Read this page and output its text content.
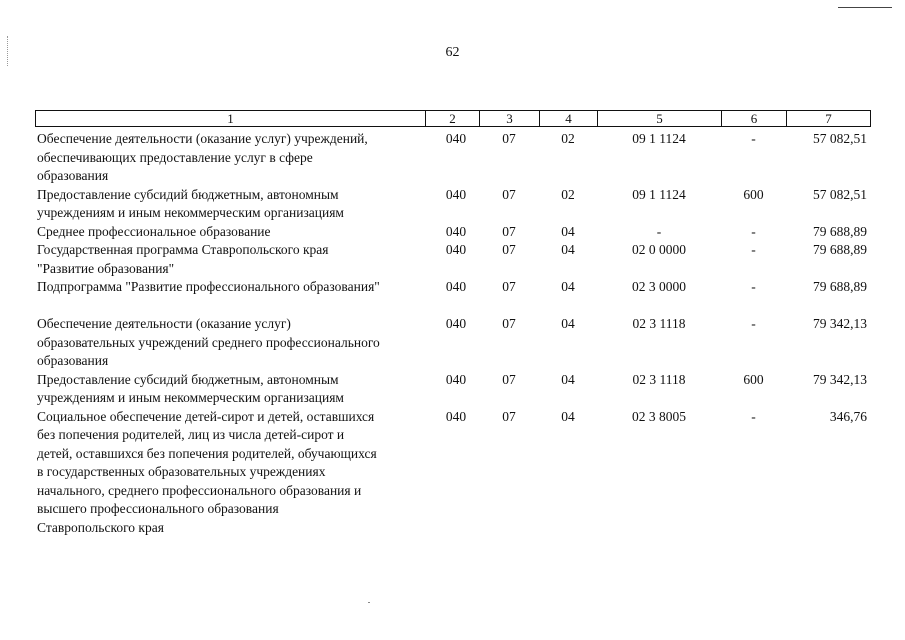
62
1	2	3	4	5	6	7
Обеспечение деятельности (оказание услуг) учреждений,
обеспечивающих предоставление услуг в сфере
образования
040	07	02	09 1 1124	-	57 082,51
Предоставление субсидий бюджетным, автономным
учреждениям и иным некоммерческим организациям
040	07	02	09 1 1124	600	57 082,51
Среднее профессиональное образование	040	07	04	-	-	79 688,89
Государственная программа Ставропольского края
"Развитие образования"
040	07	04	02 0 0000	-	79 688,89
Подпрограмма "Развитие профессионального образования"	040	07	04	02 3 0000	-	79 688,89
Обеспечение деятельности (оказание услуг)
образовательных учреждений среднего профессионального
образования
040	07	04	02 3 1118	-	79 342,13
Предоставление субсидий бюджетным, автономным
учреждениям и иным некоммерческим организациям
040	07	04	02 3 1118	600	79 342,13
Социальное обеспечение детей-сирот и детей, оставшихся
без попечения родителей, лиц из числа детей-сирот и
детей, оставшихся без попечения родителей, обучающихся
в государственных образовательных учреждениях
начального, среднего профессионального образования и
высшего профессионального образования
Ставропольского края
040	07	04	02 3 8005	-	346,76
